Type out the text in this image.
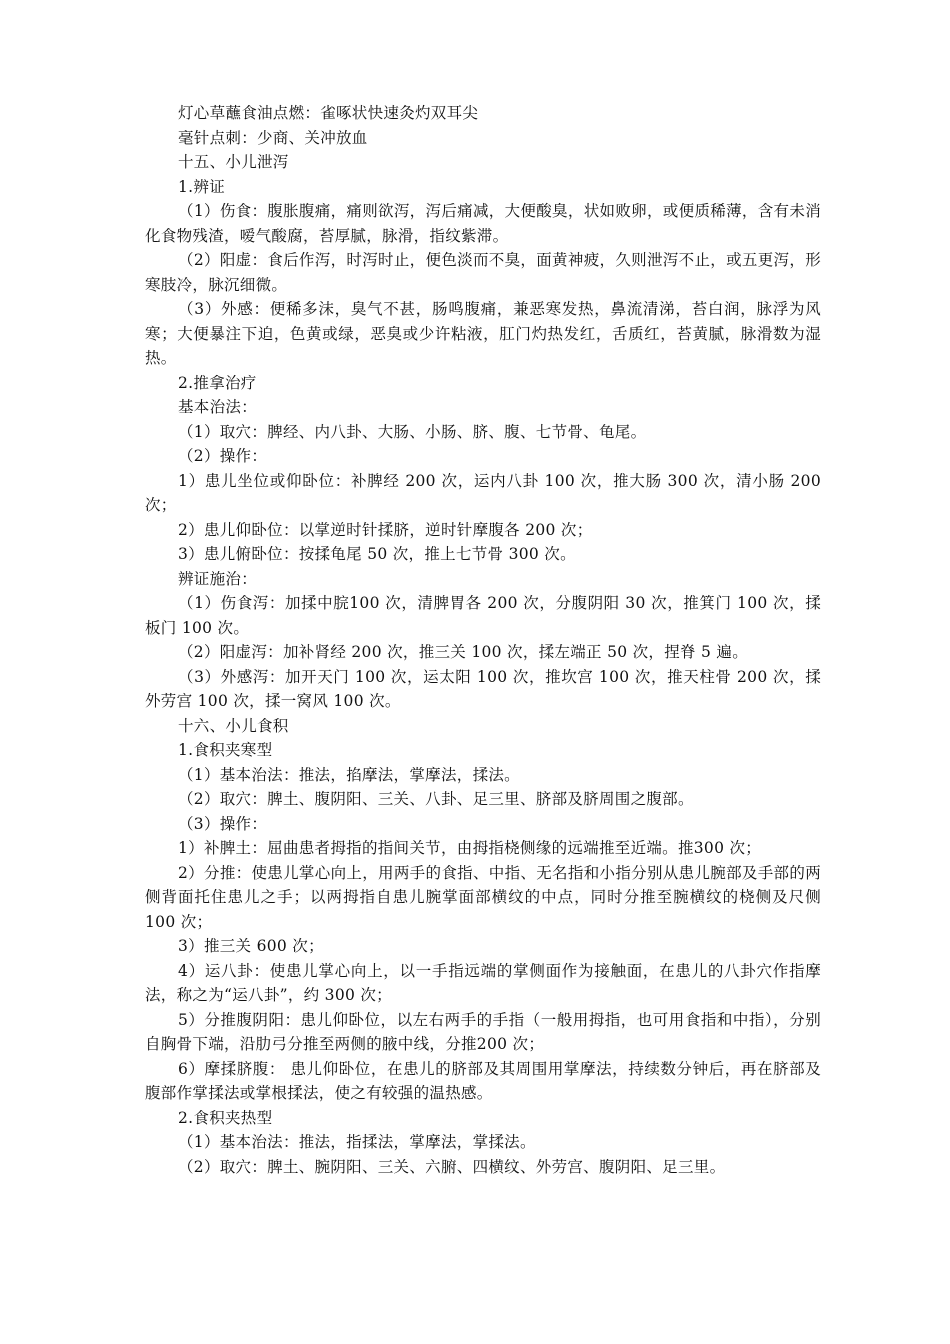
灯心草蘸食油点燃：雀啄状快速灸灼双耳尖

毫针点刺：少商、关冲放血

十五、小儿泄泻

1.辨证

（1）伤食：腹胀腹痛，痛则欲泻，泻后痛减，大便酸臭，状如败卵，或便质稀薄，含有未消化食物残渣，嗳气酸腐，苔厚腻，脉滑，指纹紫滞。

（2）阳虚：食后作泻，时泻时止，便色淡而不臭，面黄神疲，久则泄泻不止，或五更泻，形寒肢冷，脉沉细微。

（3）外感：便稀多沫，臭气不甚，肠鸣腹痛，兼恶寒发热，鼻流清涕，苔白润，脉浮为风寒；大便暴注下迫，色黄或绿，恶臭或少许粘液，肛门灼热发红，舌质红，苔黄腻，脉滑数为湿热。

2.推拿治疗

基本治法：

（1）取穴：脾经、内八卦、大肠、小肠、脐、腹、七节骨、龟尾。

（2）操作：

1）患儿坐位或仰卧位：补脾经 200 次，运内八卦 100 次，推大肠 300 次，清小肠 200 次；

2）患儿仰卧位：以掌逆时针揉脐，逆时针摩腹各 200 次；

3）患儿俯卧位：按揉龟尾 50 次，推上七节骨 300 次。

辨证施治：

（1）伤食泻：加揉中脘100 次，清脾胃各 200 次，分腹阴阳 30 次，推箕门 100 次，揉板门 100 次。

（2）阳虚泻：加补肾经 200 次，推三关 100 次，揉左端正 50 次，捏脊 5 遍。

（3）外感泻：加开天门 100 次，运太阳 100 次，推坎宫 100 次，推天柱骨 200 次，揉外劳宫 100 次，揉一窝风 100 次。

十六、小儿食积

1.食积夹寒型

（1）基本治法：推法，掐摩法，掌摩法，揉法。

（2）取穴：脾土、腹阴阳、三关、八卦、足三里、脐部及脐周围之腹部。

（3）操作：

1）补脾土：屈曲患者拇指的指间关节，由拇指桡侧缘的远端推至近端。推300 次；

2）分推：使患儿掌心向上，用两手的食指、中指、无名指和小指分别从患儿腕部及手部的两侧背面托住患儿之手；以两拇指自患儿腕掌面部横纹的中点，同时分推至腕横纹的桡侧及尺侧 100 次；

3）推三关 600 次；

4）运八卦：使患儿掌心向上，以一手指远端的掌侧面作为接触面，在患儿的八卦穴作指摩法，称之为“运八卦”，约 300 次；

5）分推腹阴阳：患儿仰卧位，以左右两手的手指（一般用拇指，也可用食指和中指），分别自胸骨下端，沿肋弓分推至两侧的腋中线，分推200 次；

6）摩揉脐腹： 患儿仰卧位，在患儿的脐部及其周围用掌摩法，持续数分钟后，再在脐部及腹部作掌揉法或掌根揉法，使之有较强的温热感。

2.食积夹热型

（1）基本治法：推法，指揉法，掌摩法，掌揉法。

（2）取穴：脾土、腕阴阳、三关、六腑、四横纹、外劳宫、腹阴阳、足三里。
